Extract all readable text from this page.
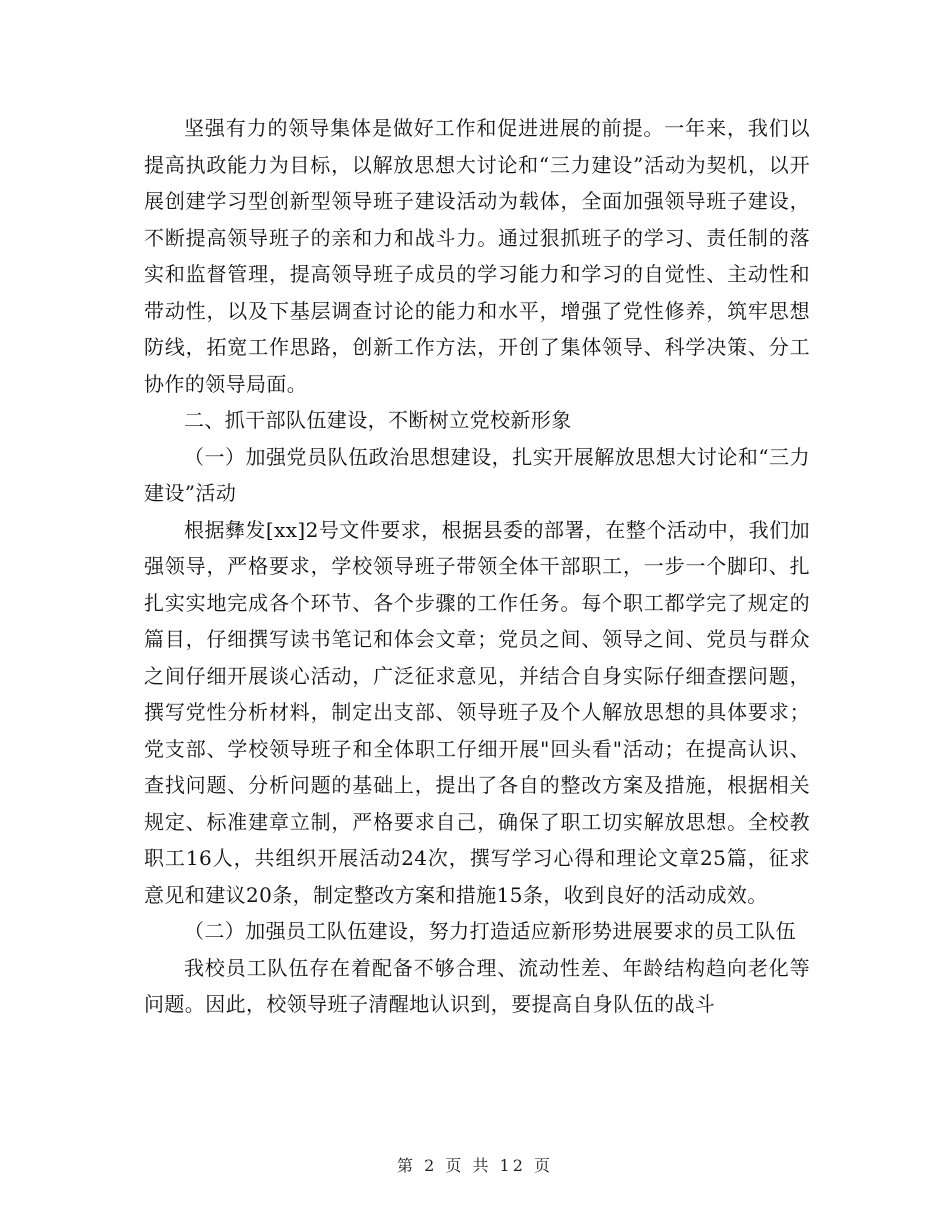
坚强有力的领导集体是做好工作和促进进展的前提。一年来，我们以提高执政能力为目标，以解放思想大讨论和“三力建设”活动为契机，以开展创建学习型创新型领导班子建设活动为载体，全面加强领导班子建设，不断提高领导班子的亲和力和战斗力。通过狠抓班子的学习、责任制的落实和监督管理，提高领导班子成员的学习能力和学习的自觉性、主动性和带动性，以及下基层调查讨论的能力和水平，增强了党性修养，筑牢思想防线，拓宽工作思路，创新工作方法，开创了集体领导、科学决策、分工协作的领导局面。

二、抓干部队伍建设，不断树立党校新形象

（一）加强党员队伍政治思想建设，扎实开展解放思想大讨论和“三力建设”活动

根据彝发[xx]2号文件要求，根据县委的部署，在整个活动中，我们加强领导，严格要求，学校领导班子带领全体干部职工，一步一个脚印、扎扎实实地完成各个环节、各个步骤的工作任务。每个职工都学完了规定的篇目，仔细撰写读书笔记和体会文章；党员之间、领导之间、党员与群众之间仔细开展谈心活动，广泛征求意见，并结合自身实际仔细查摆问题，撰写党性分析材料，制定出支部、领导班子及个人解放思想的具体要求；党支部、学校领导班子和全体职工仔细开展"回头看"活动；在提高认识、查找问题、分析问题的基础上，提出了各自的整改方案及措施，根据相关规定、标准建章立制，严格要求自己，确保了职工切实解放思想。全校教职工16人，共组织开展活动24次，撰写学习心得和理论文章25篇，征求意见和建议20条，制定整改方案和措施15条，收到良好的活动成效。

（二）加强员工队伍建设，努力打造适应新形势进展要求的员工队伍

我校员工队伍存在着配备不够合理、流动性差、年龄结构趋向老化等问题。因此，校领导班子清醒地认识到，要提高自身队伍的战斗

第 2 页 共 12 页
